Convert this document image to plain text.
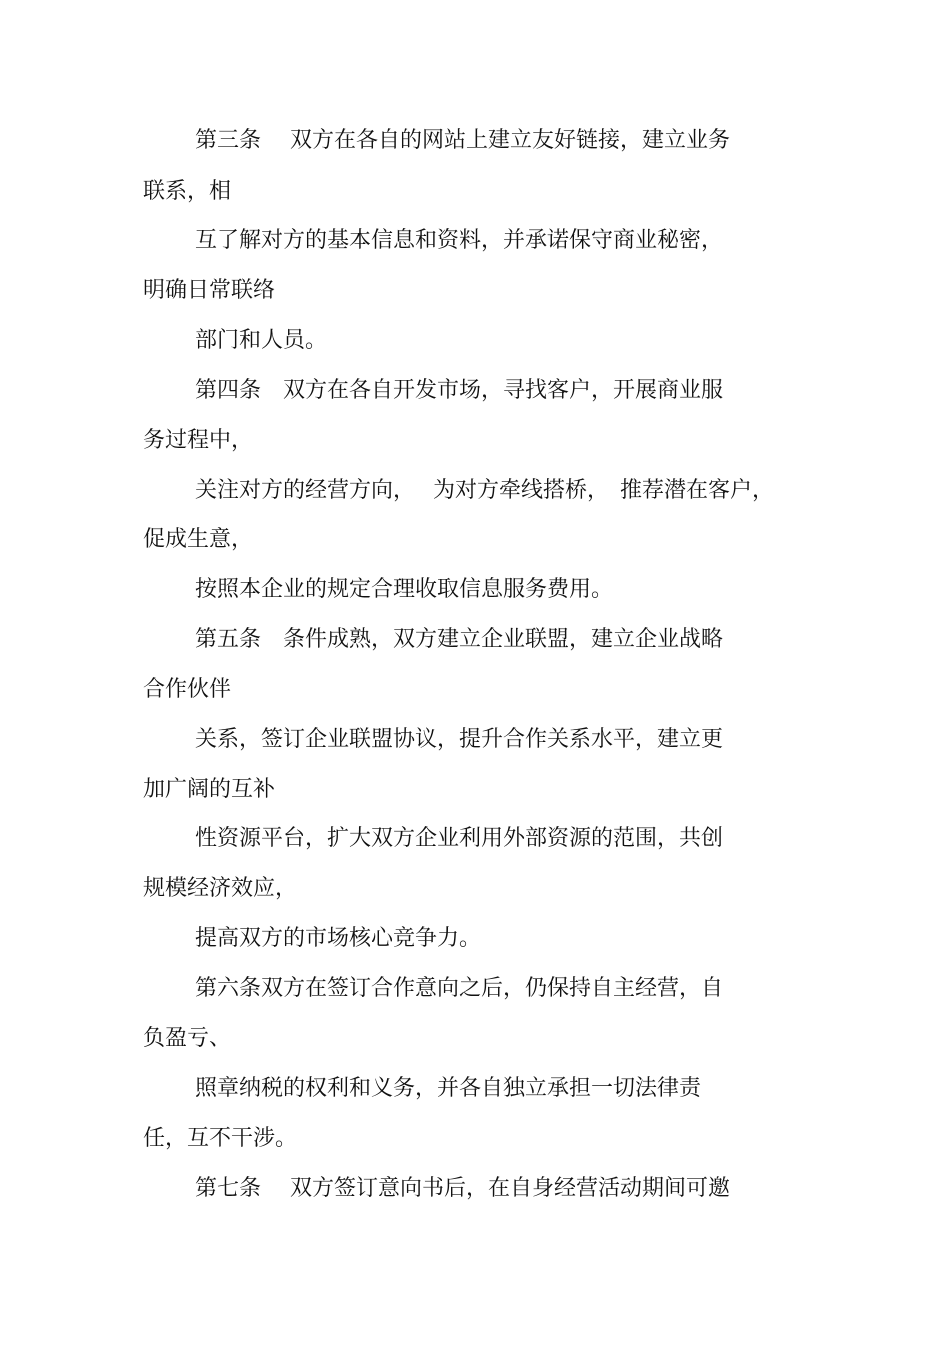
第三条　 双方在各自的网站上建立友好链接，建立业务
联系，相
互了解对方的基本信息和资料，并承诺保守商业秘密，
明确日常联络
部门和人员。
第四条　双方在各自开发市场，寻找客户，开展商业服
务过程中，
关注对方的经营方向，　 为对方牵线搭桥，　推荐潜在客户，
促成生意，
按照本企业的规定合理收取信息服务费用。
第五条　条件成熟，双方建立企业联盟，建立企业战略
合作伙伴
关系，签订企业联盟协议，提升合作关系水平，建立更
加广阔的互补
性资源平台，扩大双方企业利用外部资源的范围，共创
规模经济效应，
提高双方的市场核心竞争力。
第六条双方在签订合作意向之后，仍保持自主经营，自
负盈亏、
照章纳税的权利和义务，并各自独立承担一切法律责
任，互不干涉。
第七条　 双方签订意向书后，在自身经营活动期间可邀
